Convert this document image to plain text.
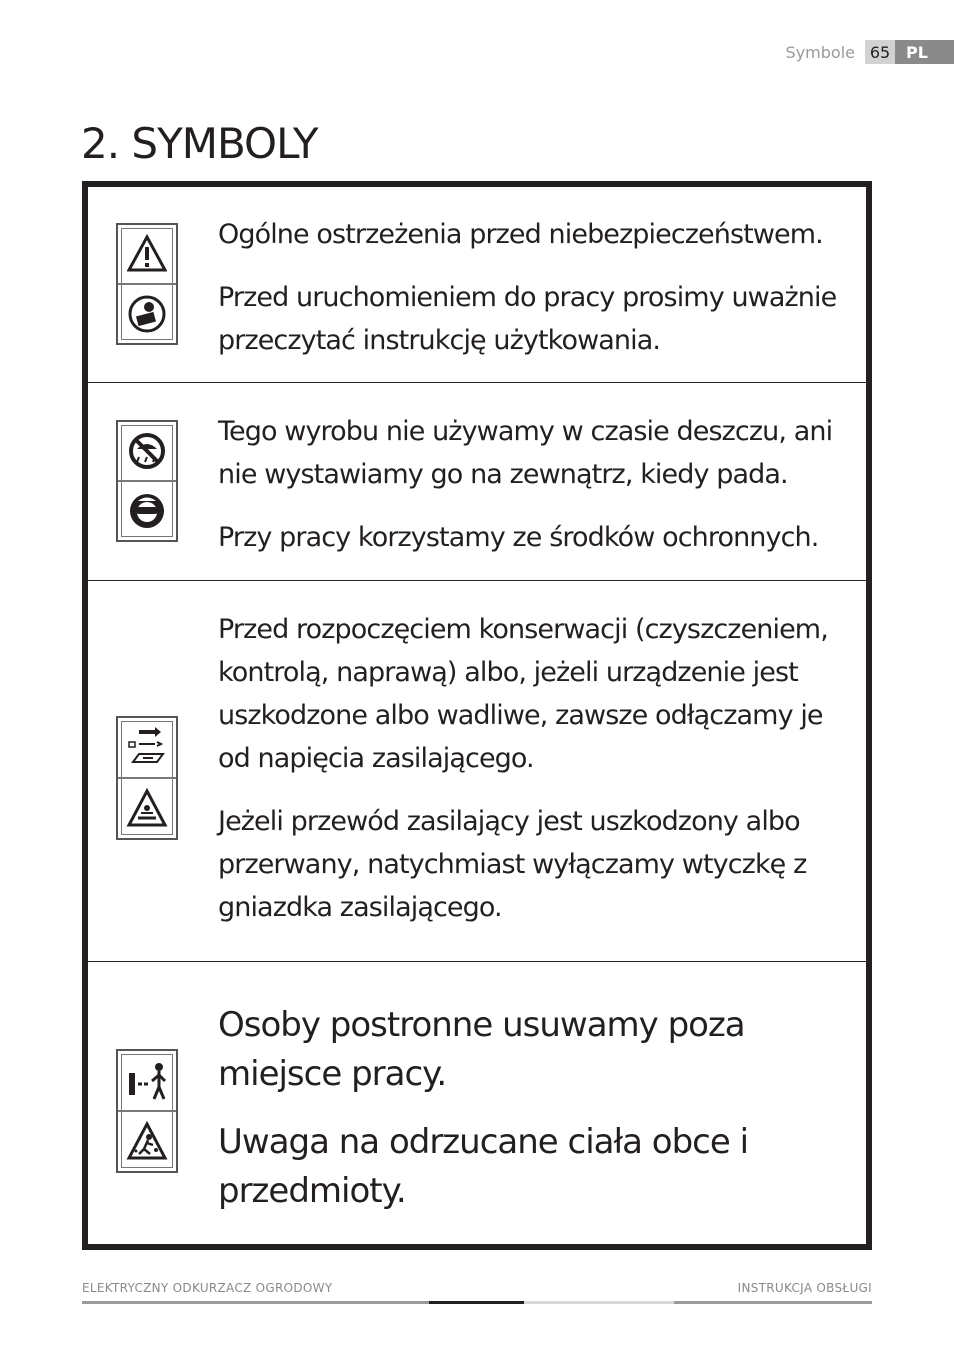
Symbole 65 PL
2. SYMBOLY

Ogólne ostrzeżenia przed niebezpieczeństwem.

Przed uruchomieniem do pracy prosimy uważnie przeczytać instrukcję użytkowania.

Tego wyrobu nie używamy w czasie deszczu, ani nie wystawiamy go na zewnątrz, kiedy pada.

Przy pracy korzystamy ze środków ochronnych.

Przed rozpoczęciem konserwacji (czyszczeniem, kontrolą, naprawą) albo, jeżeli urządzenie jest uszkodzone albo wadliwe, zawsze odłączamy je od napięcia zasilającego.

Jeżeli przewód zasilający jest uszkodzony albo przerwany, natychmiast wyłączamy wtyczkę z gniazdka zasilającego.

Osoby postronne usuwamy poza miejsce pracy.

Uwaga na odrzucane ciała obce i przedmioty.

ELEKTRYCZNY ODKURZACZ OGRODOWY	INSTRUKCJA OBSŁUGI
